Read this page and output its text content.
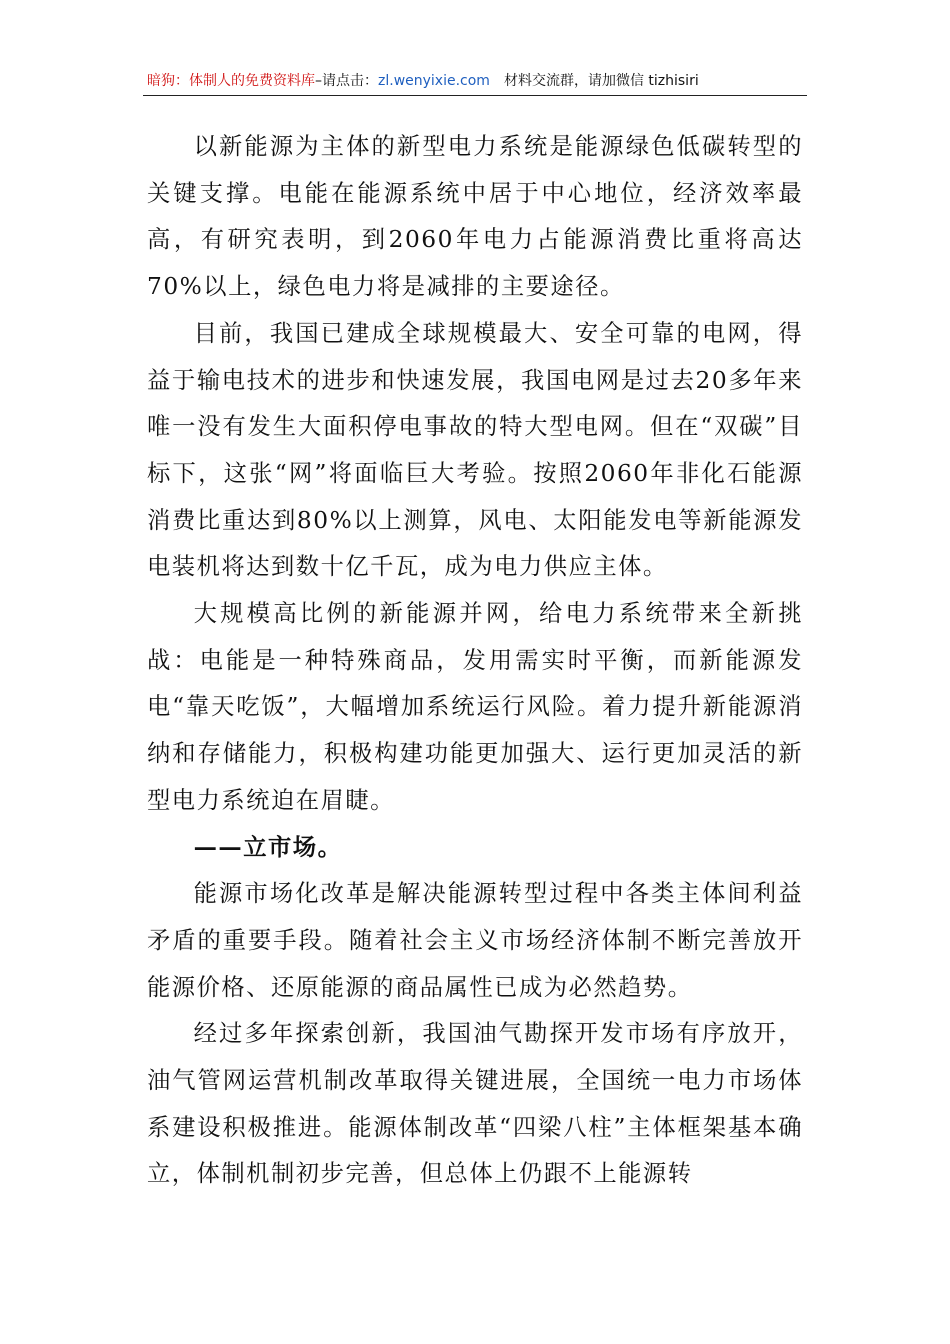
暗狗：体制人的免费资料库–请点击：zl.wenyixie.com 材料交流群，请加微信 tizhisiri

以新能源为主体的新型电力系统是能源绿色低碳转型的关键支撑。电能在能源系统中居于中心地位，经济效率最高，有研究表明，到2060年电力占能源消费比重将高达70%以上，绿色电力将是减排的主要途径。

目前，我国已建成全球规模最大、安全可靠的电网，得益于输电技术的进步和快速发展，我国电网是过去20多年来唯一没有发生大面积停电事故的特大型电网。但在“双碳”目标下，这张“网”将面临巨大考验。按照2060年非化石能源消费比重达到80%以上测算，风电、太阳能发电等新能源发电装机将达到数十亿千瓦，成为电力供应主体。

大规模高比例的新能源并网，给电力系统带来全新挑战：电能是一种特殊商品，发用需实时平衡，而新能源发电“靠天吃饭”，大幅增加系统运行风险。着力提升新能源消纳和存储能力，积极构建功能更加强大、运行更加灵活的新型电力系统迫在眉睫。

——立市场。

能源市场化改革是解决能源转型过程中各类主体间利益矛盾的重要手段。随着社会主义市场经济体制不断完善放开能源价格、还原能源的商品属性已成为必然趋势。

经过多年探索创新，我国油气勘探开发市场有序放开，油气管网运营机制改革取得关键进展，全国统一电力市场体系建设积极推进。能源体制改革“四梁八柱”主体框架基本确立，体制机制初步完善，但总体上仍跟不上能源转
